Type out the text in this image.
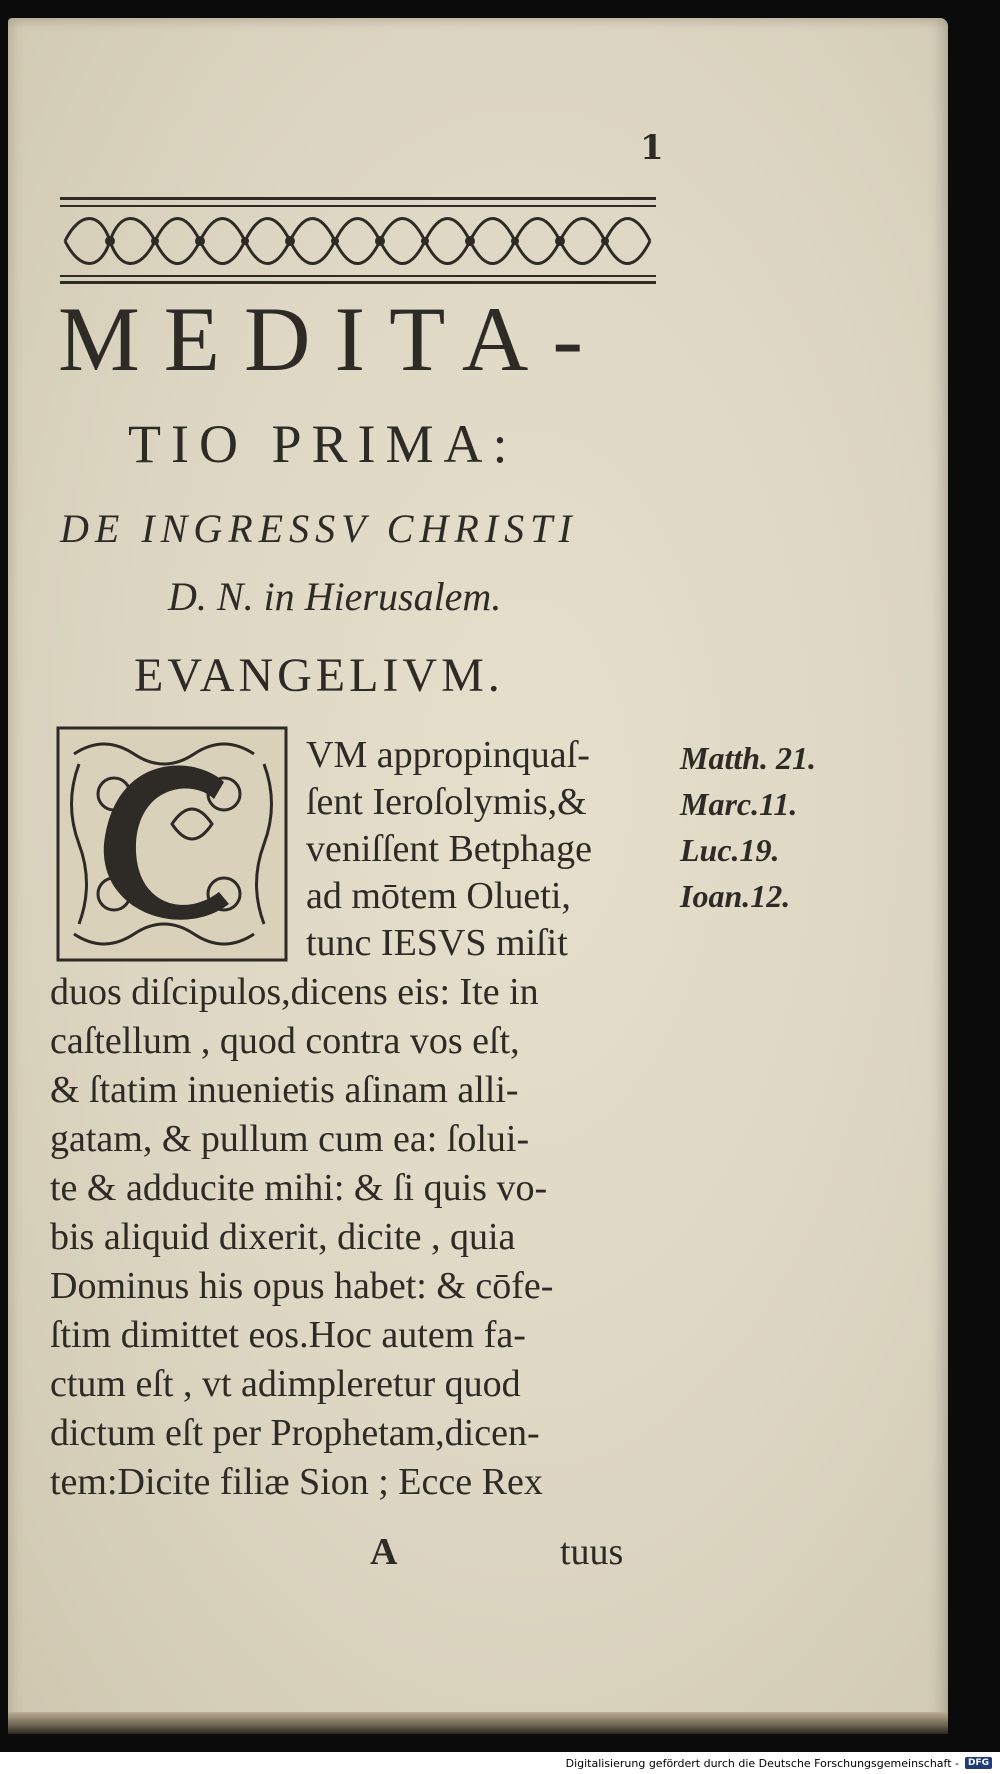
1
MEDITA-
TIO PRIMA:
DE INGRESSV CHRISTI
D. N. in Hierusalem.
EVANGELIVM.
VM appropinquaſ-
ſent Ieroſolymis,&
veniſſent Betphage
ad mōtem Olueti,
tunc IESVS miſit
duos diſcipulos,dicens eis: Ite in
caſtellum , quod contra vos eſt,
& ſtatim inuenietis aſinam alli-
gatam, & pullum cum ea: ſolui-
te & adducite mihi: & ſi quis vo-
bis aliquid dixerit, dicite , quia
Dominus his opus habet: & cōfe-
ſtim dimittet eos.Hoc autem fa-
ctum eſt , vt adimpleretur quod
dictum eſt per Prophetam,dicen-
tem:Dicite filiæ Sion ; Ecce Rex
Matth. 21.
Marc.11.
Luc.19.
Ioan.12.
A	tuus
Digitalisierung gefördert durch die Deutsche Forschungsgemeinschaft -	DFG
